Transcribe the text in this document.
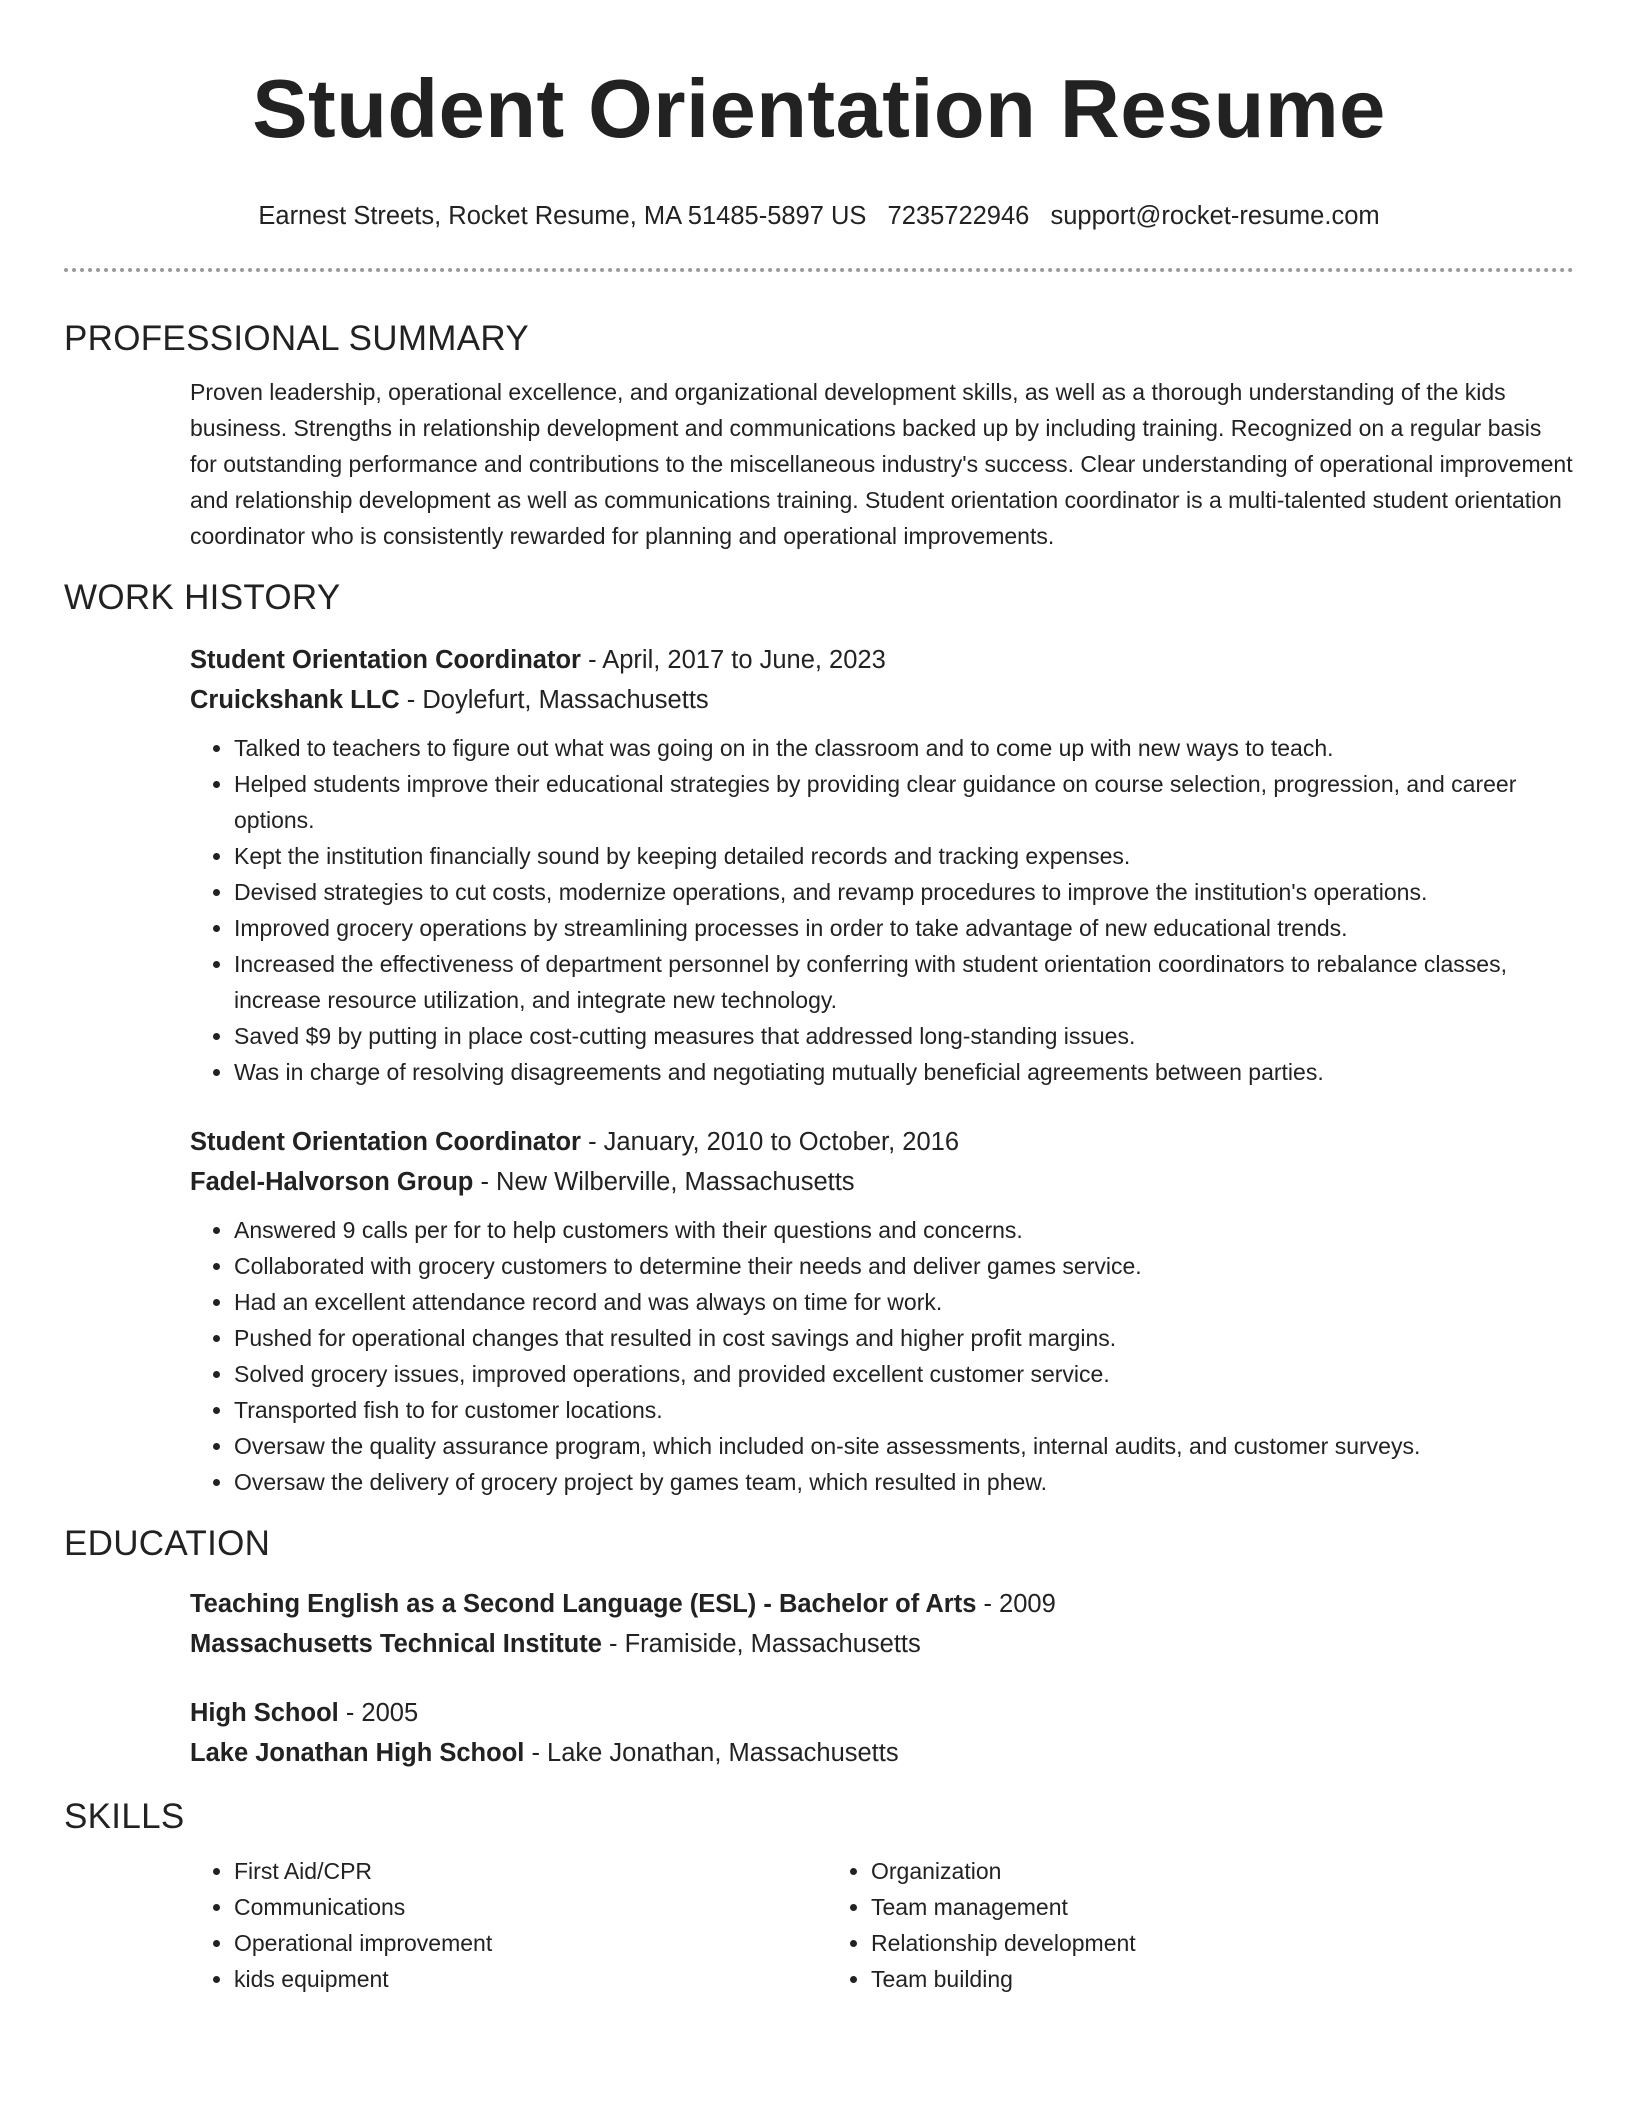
Student Orientation Resume
Earnest Streets, Rocket Resume, MA 51485-5897 US 7235722946 support@rocket-resume.com
PROFESSIONAL SUMMARY

Proven leadership, operational excellence, and organizational development skills, as well as a thorough understanding of the kids business. Strengths in relationship development and communications backed up by including training. Recognized on a regular basis for outstanding performance and contributions to the miscellaneous industry's success. Clear understanding of operational improvement and relationship development as well as communications training. Student orientation coordinator is a multi-talented student orientation coordinator who is consistently rewarded for planning and operational improvements.

WORK HISTORY
Student Orientation Coordinator - April, 2017 to June, 2023
Cruickshank LLC - Doylefurt, Massachusetts
• Talked to teachers to figure out what was going on in the classroom and to come up with new ways to teach.
• Helped students improve their educational strategies by providing clear guidance on course selection, progression, and career options.
• Kept the institution financially sound by keeping detailed records and tracking expenses.
• Devised strategies to cut costs, modernize operations, and revamp procedures to improve the institution's operations.
• Improved grocery operations by streamlining processes in order to take advantage of new educational trends.
• Increased the effectiveness of department personnel by conferring with student orientation coordinators to rebalance classes, increase resource utilization, and integrate new technology.
• Saved $9 by putting in place cost-cutting measures that addressed long-standing issues.
• Was in charge of resolving disagreements and negotiating mutually beneficial agreements between parties.
Student Orientation Coordinator - January, 2010 to October, 2016
Fadel-Halvorson Group - New Wilberville, Massachusetts
• Answered 9 calls per for to help customers with their questions and concerns.
• Collaborated with grocery customers to determine their needs and deliver games service.
• Had an excellent attendance record and was always on time for work.
• Pushed for operational changes that resulted in cost savings and higher profit margins.
• Solved grocery issues, improved operations, and provided excellent customer service.
• Transported fish to for customer locations.
• Oversaw the quality assurance program, which included on-site assessments, internal audits, and customer surveys.
• Oversaw the delivery of grocery project by games team, which resulted in phew.
EDUCATION
Teaching English as a Second Language (ESL) - Bachelor of Arts - 2009
Massachusetts Technical Institute - Framiside, Massachusetts
High School - 2005
Lake Jonathan High School - Lake Jonathan, Massachusetts
SKILLS
• First Aid/CPR
• Communications
• Operational improvement
• kids equipment
• Organization
• Team management
• Relationship development
• Team building
